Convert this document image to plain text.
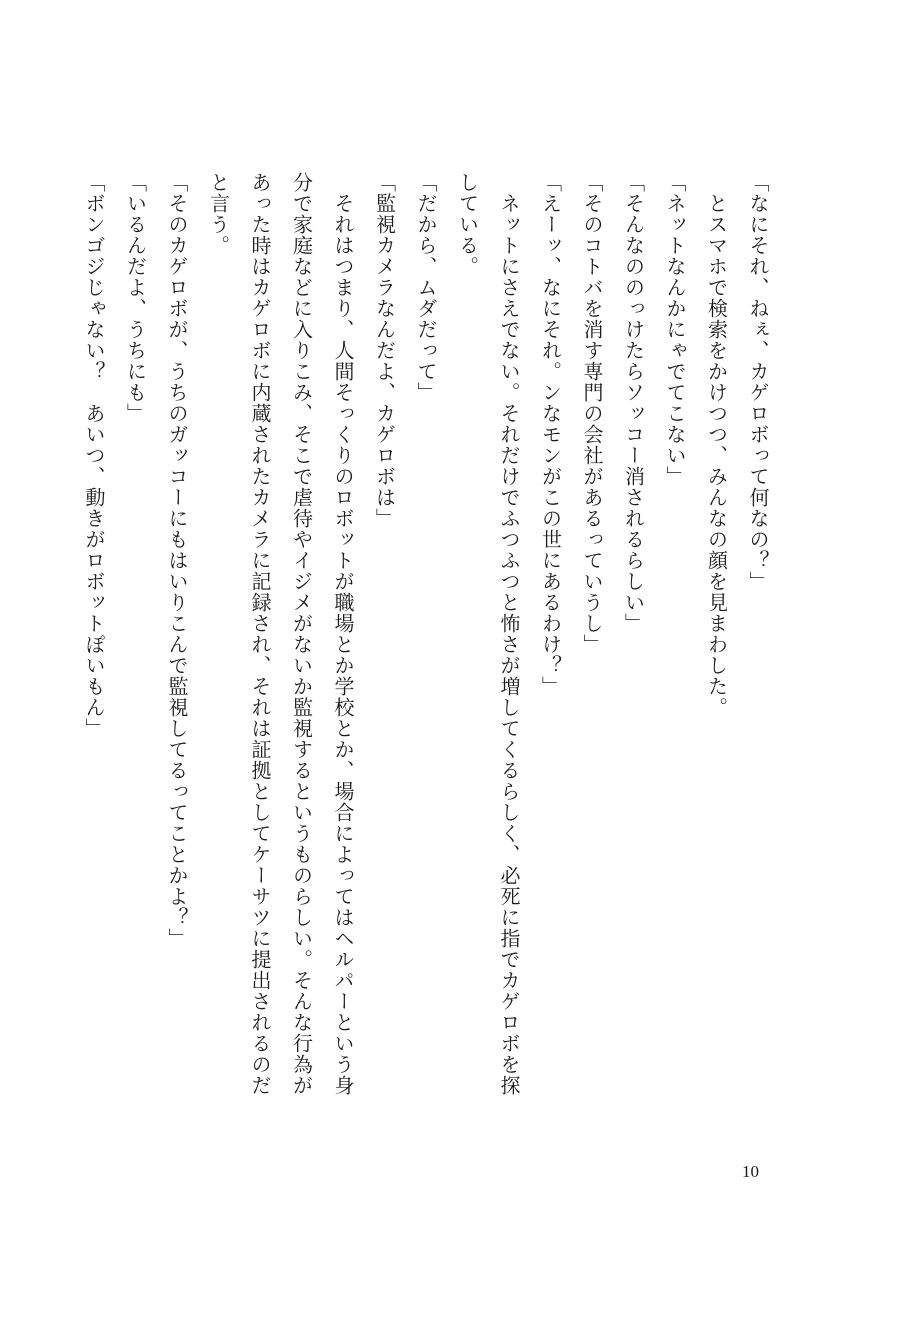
「なにそれ、ねぇ、カゲロボって何なの？」

　とスマホで検索をかけつつ、みんなの顔を見まわした。

「ネットなんかにゃでてこない」

「そんなののっけたらソッコー消されるらしい」

「そのコトバを消す専門の会社があるっていうし」

「えーッ、なにそれ。ンなモンがこの世にあるわけ？」

　ネットにさえでない。それだけでふつふつと怖さが増してくるらしく、必死に指でカゲロボを探している。

「だから、ムダだって」

「監視カメラなんだよ、カゲロボは」

　それはつまり、人間そっくりのロボットが職場とか学校とか、場合によってはヘルパーという身分で家庭などに入りこみ、そこで虐待やイジメがないか監視するというものらしい。そんな行為があった時はカゲロボに内蔵されたカメラに記録され、それは証拠としてケーサツに提出されるのだと言う。

「そのカゲロボが、うちのガッコーにもはいりこんで監視してるってことかよ？」

「いるんだよ、うちにも」

「ボンゴジじゃない？　あいつ、動きがロボットぽいもん」

10
